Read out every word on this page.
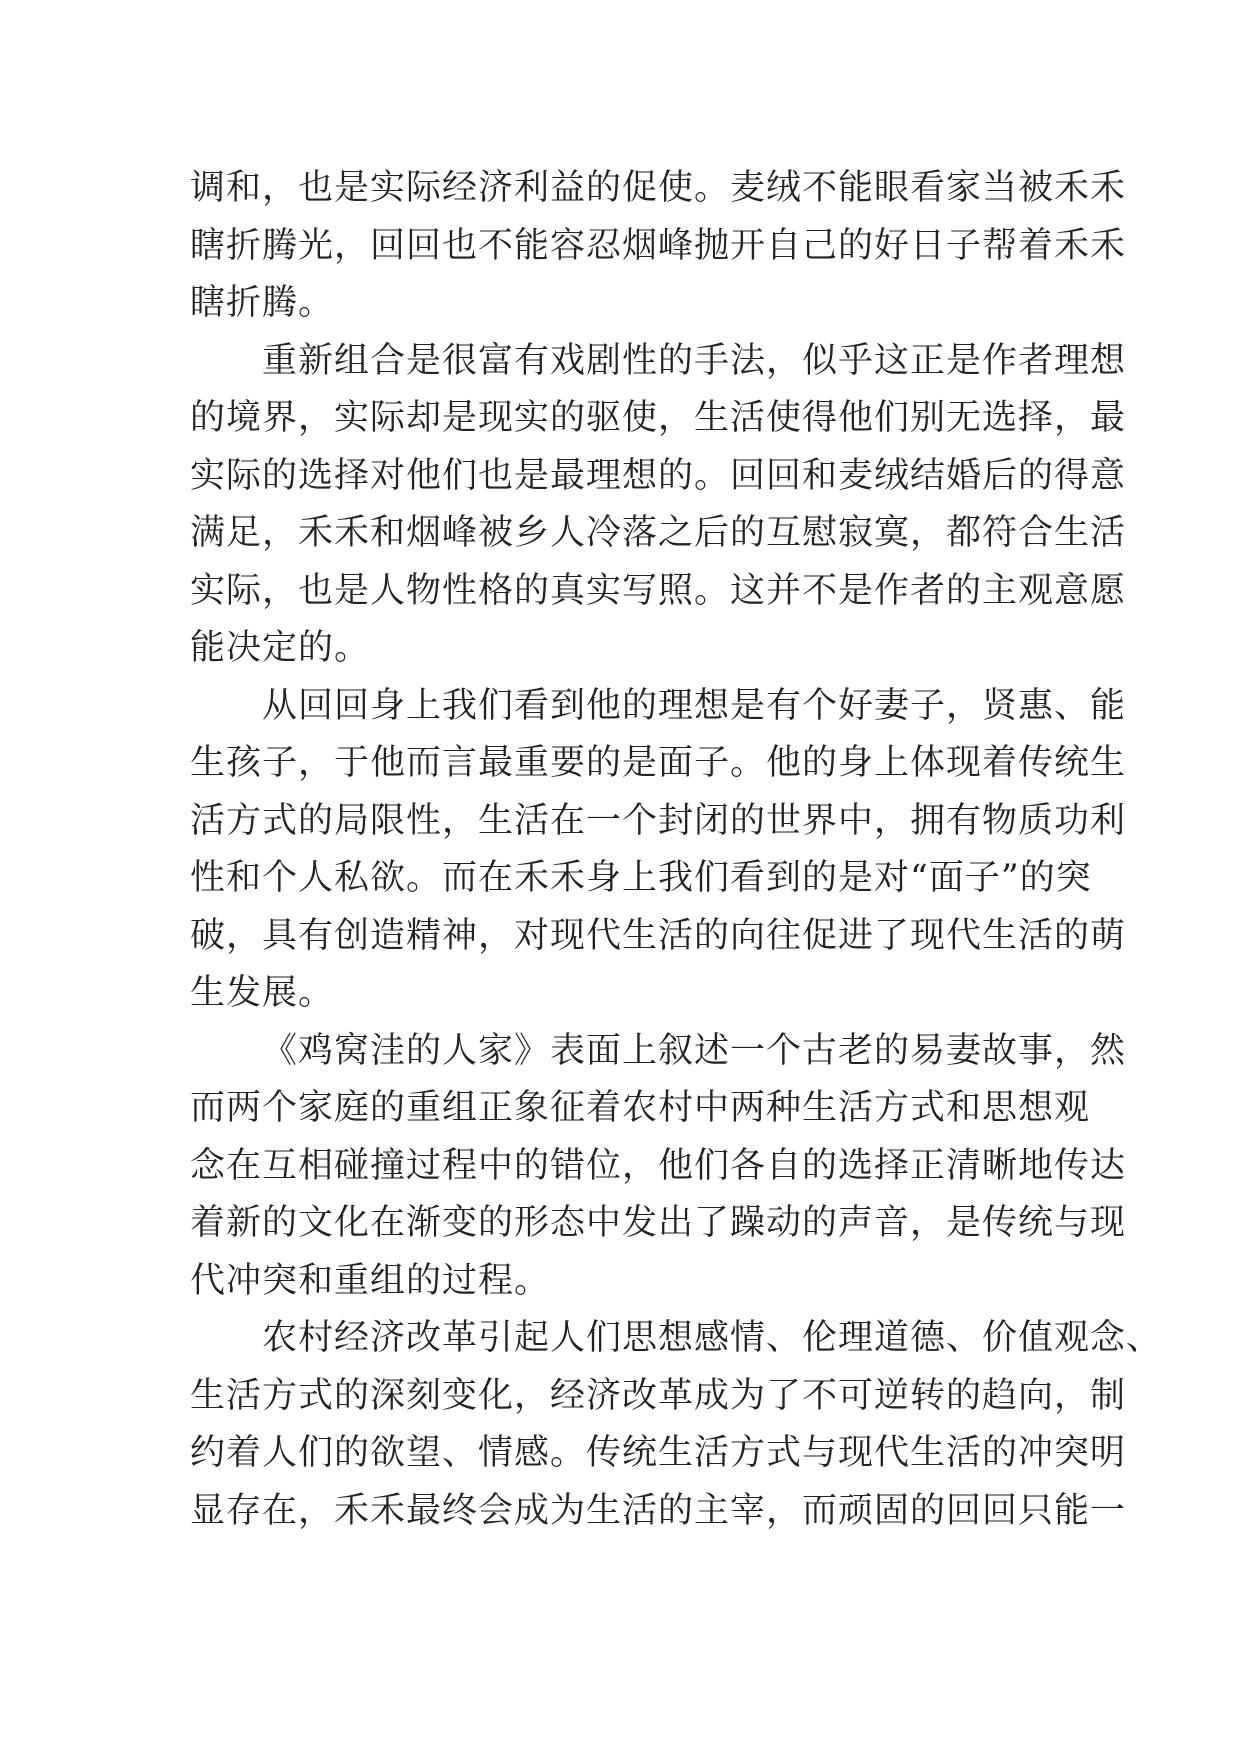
调和，也是实际经济利益的促使。麦绒不能眼看家当被禾禾
瞎折腾光，回回也不能容忍烟峰抛开自己的好日子帮着禾禾
瞎折腾。
重新组合是很富有戏剧性的手法，似乎这正是作者理想
的境界，实际却是现实的驱使，生活使得他们别无选择，最
实际的选择对他们也是最理想的。回回和麦绒结婚后的得意
满足，禾禾和烟峰被乡人冷落之后的互慰寂寞，都符合生活
实际，也是人物性格的真实写照。这并不是作者的主观意愿
能决定的。
从回回身上我们看到他的理想是有个好妻子，贤惠、能
生孩子，于他而言最重要的是面子。他的身上体现着传统生
活方式的局限性，生活在一个封闭的世界中，拥有物质功利
性和个人私欲。而在禾禾身上我们看到的是对“面子”的突
破，具有创造精神，对现代生活的向往促进了现代生活的萌
生发展。
《鸡窝洼的人家》表面上叙述一个古老的易妻故事，然
而两个家庭的重组正象征着农村中两种生活方式和思想观
念在互相碰撞过程中的错位，他们各自的选择正清晰地传达
着新的文化在渐变的形态中发出了躁动的声音，是传统与现
代冲突和重组的过程。
农村经济改革引起人们思想感情、伦理道德、价值观念、
生活方式的深刻变化，经济改革成为了不可逆转的趋向，制
约着人们的欲望、情感。传统生活方式与现代生活的冲突明
显存在，禾禾最终会成为生活的主宰，而顽固的回回只能一
